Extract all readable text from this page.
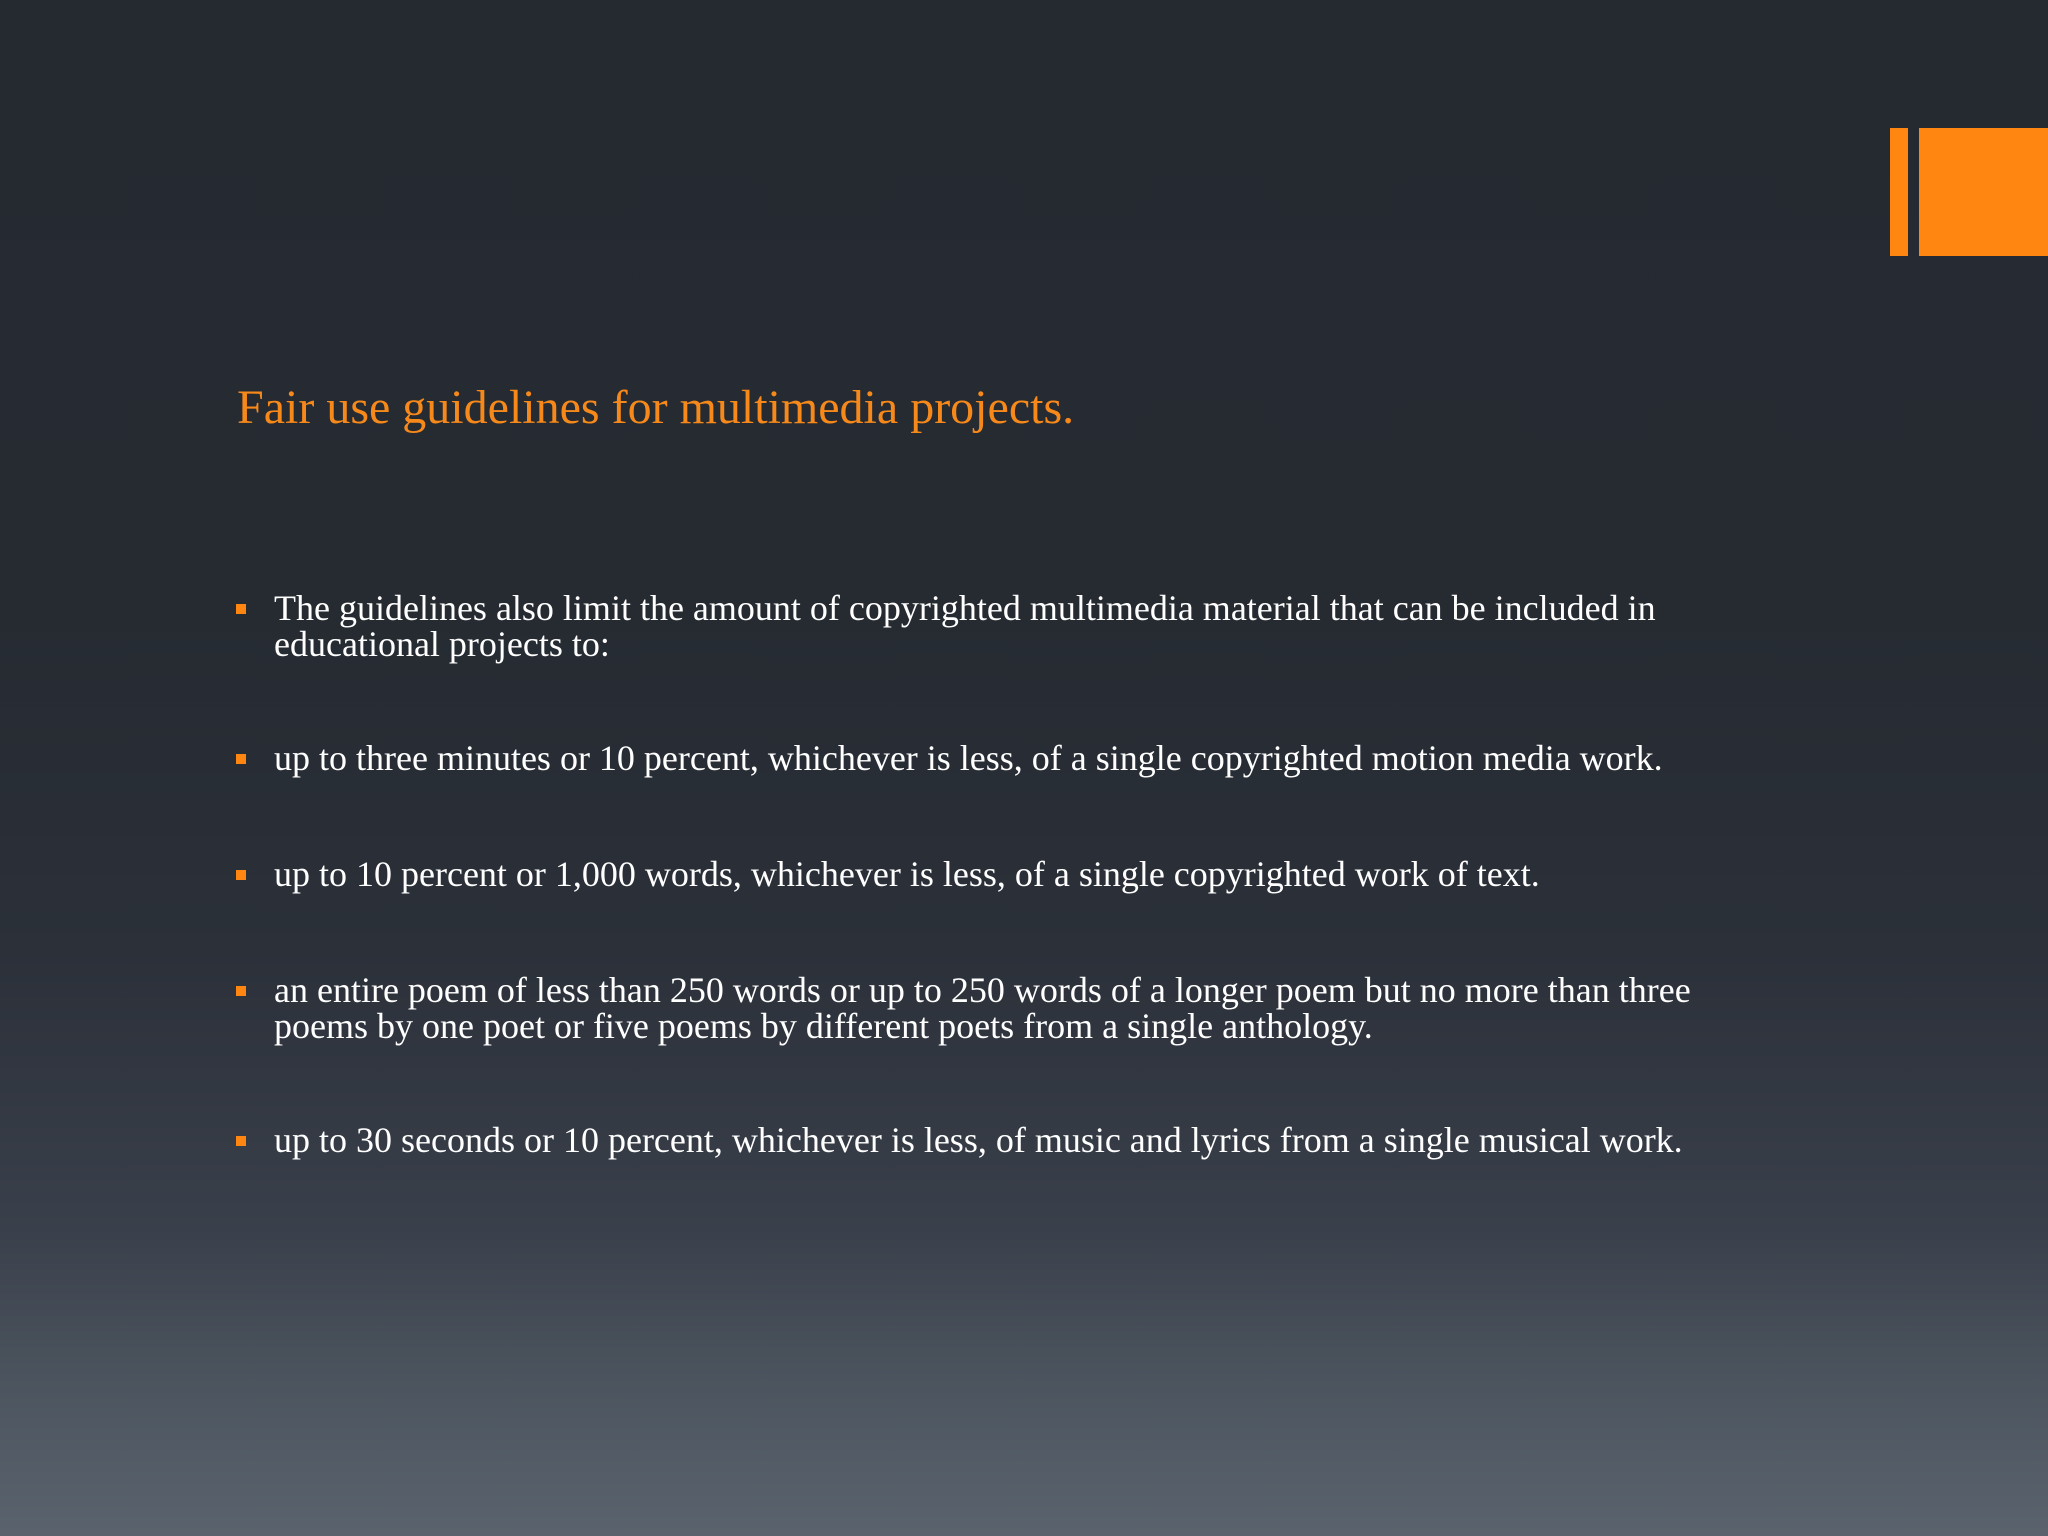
Fair use guidelines for multimedia projects.
The guidelines also limit the amount of copyrighted multimedia material that can be included in educational projects to:
up to three minutes or 10 percent, whichever is less, of a single copyrighted motion media work.
up to 10 percent or 1,000 words, whichever is less, of a single copyrighted work of text.
an entire poem of less than 250 words or up to 250 words of a longer poem but no more than three poems by one poet or five poems by different poets from a single anthology.
up to 30 seconds or 10 percent, whichever is less, of music and lyrics from a single musical work.
